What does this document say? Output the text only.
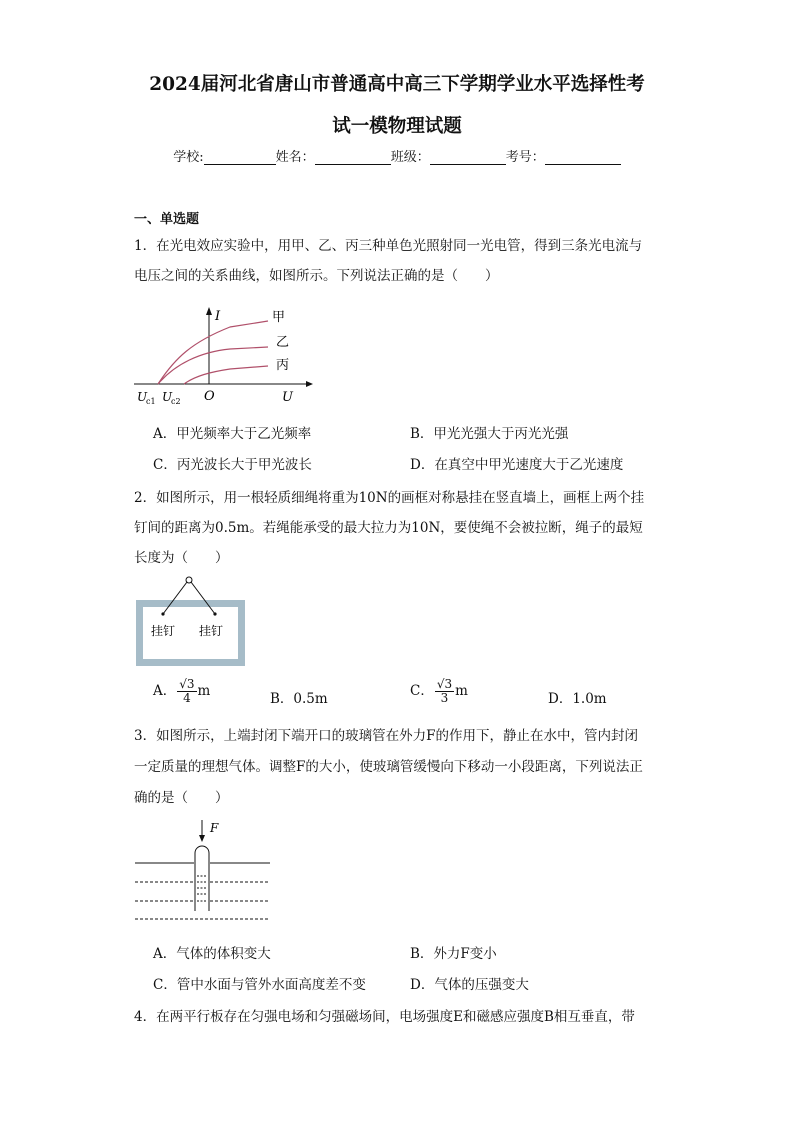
2024届河北省唐山市普通高中高三下学期学业水平选择性考
试一模物理试题
学校:	姓名：	班级：	考号：
一、单选题
1．在光电效应实验中，用甲、乙、丙三种单色光照射同一光电管，得到三条光电流与
电压之间的关系曲线，如图所示。下列说法正确的是（　　）
I	甲
乙
丙
O	U
U
c1 U
c2
A．甲光频率大于乙光频率	B．甲光光强大于丙光光强
C．丙光波长大于甲光波长	D．在真空中甲光速度大于乙光速度
2．如图所示，用一根轻质细绳将重为10N的画框对称悬挂在竖直墙上，画框上两个挂
钉间的距离为0.5m。若绳能承受的最大拉力为10N，要使绳不会被拉断，绳子的最短
长度为（　　）
挂钉 挂钉
A． $\frac{√3}{4}$ m	B．0.5m	C． $\frac{√3}{3}$ m	D．1.0m
3．如图所示，上端封闭下端开口的玻璃管在外力F的作用下，静止在水中，管内封闭
一定质量的理想气体。调整F的大小，使玻璃管缓慢向下移动一小段距离，下列说法正
确的是（　　）
F
A．气体的体积变大	B．外力F变小
C．管中水面与管外水面高度差不变	D．气体的压强变大
4．在两平行板存在匀强电场和匀强磁场间，电场强度E和磁感应强度B相互垂直，带
